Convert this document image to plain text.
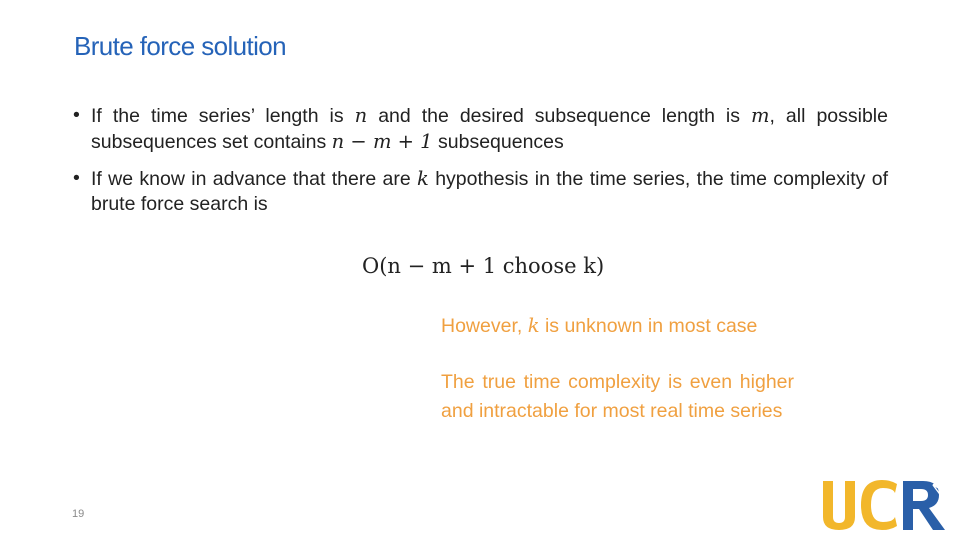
Brute force solution
• If the time series’ length is n and the desired subsequence length is m, all possible subsequences set contains n − m + 1 subsequences
• If we know in advance that there are k hypothesis in the time series, the time complexity of brute force search is
O(n − m + 1 choose k)
However, k is unknown in most case
The true time complexity is even higher and intractable for most real time series
19
